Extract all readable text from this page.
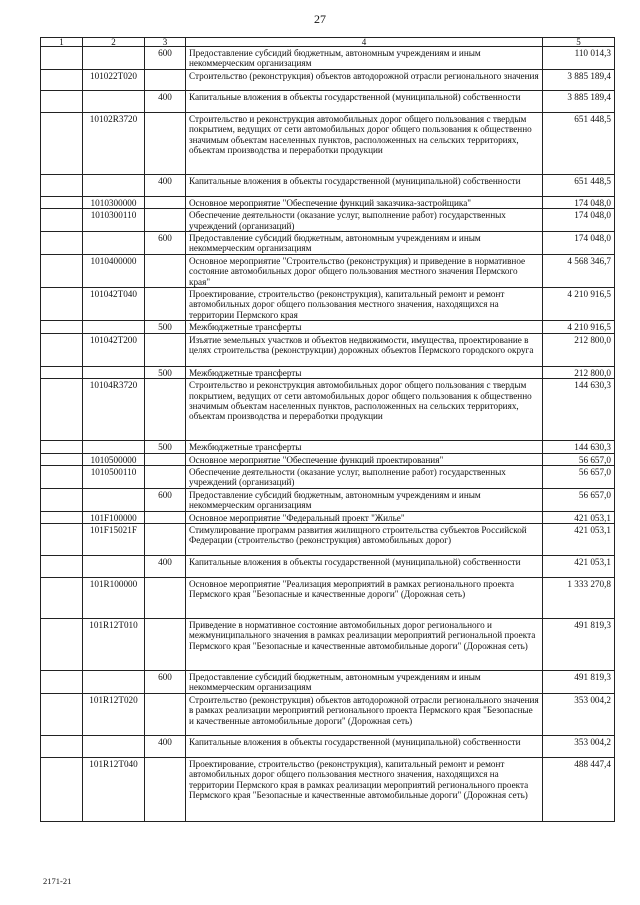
27
1	2	3	4	5
		600	Предоставление субсидий бюджетным, автономным учреждениям и иным некоммерческим организациям	110 014,3
	101022Т020		Строительство (реконструкция) объектов автодорожной отрасли регионального значения	3 885 189,4
		400	Капитальные вложения в объекты государственной (муниципальной) собственности	3 885 189,4
	10102R3720		Строительство и реконструкция автомобильных дорог общего пользования с твердым покрытием, ведущих от сети автомобильных дорог общего пользования к общественно значимым объектам населенных пунктов, расположенных на сельских территориях, объектам производства и переработки продукции	651 448,5
		400	Капитальные вложения в объекты государственной (муниципальной) собственности	651 448,5
	1010300000		Основное мероприятие "Обеспечение функций заказчика-застройщика"	174 048,0
	1010300110		Обеспечение деятельности (оказание услуг, выполнение работ) государственных учреждений (организаций)	174 048,0
		600	Предоставление субсидий бюджетным, автономным учреждениям и иным некоммерческим организациям	174 048,0
	1010400000		Основное мероприятие "Строительство (реконструкция) и приведение в нормативное состояние автомобильных дорог общего пользования местного значения Пермского края"	4 568 346,7
	101042Т040		Проектирование, строительство (реконструкция), капитальный ремонт и ремонт автомобильных дорог общего пользования местного значения, находящихся на территории Пермского края	4 210 916,5
		500	Межбюджетные трансферты	4 210 916,5
	101042Т200		Изъятие земельных участков и объектов недвижимости, имущества, проектирование в целях строительства (реконструкции) дорожных объектов Пермского городского округа	212 800,0
		500	Межбюджетные трансферты	212 800,0
	10104R3720		Строительство и реконструкция автомобильных дорог общего пользования с твердым покрытием, ведущих от сети автомобильных дорог общего пользования к общественно значимым объектам населенных пунктов, расположенных на сельских территориях, объектам производства и переработки продукции	144 630,3
		500	Межбюджетные трансферты	144 630,3
	1010500000		Основное мероприятие "Обеспечение функций проектирования"	56 657,0
	1010500110		Обеспечение деятельности (оказание услуг, выполнение работ) государственных учреждений (организаций)	56 657,0
		600	Предоставление субсидий бюджетным, автономным учреждениям и иным некоммерческим организациям	56 657,0
	101F100000		Основное мероприятие "Федеральный проект "Жилье"	421 053,1
	101F15021F		Стимулирование программ развития жилищного строительства субъектов Российской Федерации (строительство (реконструкция) автомобильных дорог)	421 053,1
		400	Капитальные вложения в объекты государственной (муниципальной) собственности	421 053,1
	101R100000		Основное мероприятие "Реализация мероприятий в рамках регионального проекта Пермского края "Безопасные и качественные дороги" (Дорожная сеть)	1 333 270,8
	101R12Т010		Приведение в нормативное состояние автомобильных дорог регионального и межмуниципального значения в рамках реализации мероприятий региональной проекта Пермского края "Безопасные и качественные автомобильные дороги" (Дорожная сеть)	491 819,3
		600	Предоставление субсидий бюджетным, автономным учреждениям и иным некоммерческим организациям	491 819,3
	101R12Т020		Строительство (реконструкция) объектов автодорожной отрасли регионального значения в рамках реализации мероприятий регионального проекта Пермского края "Безопасные и качественные автомобильные дороги" (Дорожная сеть)	353 004,2
		400	Капитальные вложения в объекты государственной (муниципальной) собственности	353 004,2
	101R12Т040		Проектирование, строительство (реконструкция), капитальный ремонт и ремонт автомобильных дорог общего пользования местного значения, находящихся на территории Пермского края в рамках реализации мероприятий регионального проекта Пермского края "Безопасные и качественные автомобильные дороги" (Дорожная сеть)	488 447,4
2171-21
